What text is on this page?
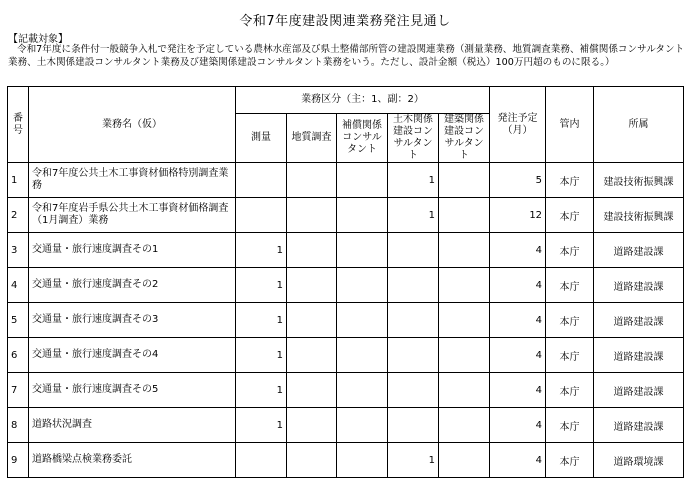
令和7年度建設関連業務発注見通し
【記載対象】
令和7年度に条件付一般競争入札で発注を予定している農林水産部及び県土整備部所管の建設関連業務（測量業務、地質調査業務、補償関係コンサルタント業務、土木関係建設コンサルタント業務及び建築関係建設コンサルタント業務をいう。ただし、設計金額（税込）100万円超のものに限る。）
番号	業務名（仮）	業務区分（主：1、副：2）					発注予定（月）	管内	所属
		測量	地質調査	補償関係コンサルタント	土木関係建設コンサルタント	建築関係建設コンサルタント			
1	令和7年度公共土木工事資材価格特別調査業務				1		5	本庁	建設技術振興課
2	令和7年度岩手県公共土木工事資材価格調査（1月調査）業務				1		12	本庁	建設技術振興課
3	交通量・旅行速度調査その1	1					4	本庁	道路建設課
4	交通量・旅行速度調査その2	1					4	本庁	道路建設課
5	交通量・旅行速度調査その3	1					4	本庁	道路建設課
6	交通量・旅行速度調査その4	1					4	本庁	道路建設課
7	交通量・旅行速度調査その5	1					4	本庁	道路建設課
8	道路状況調査	1					4	本庁	道路建設課
9	道路橋梁点検業務委託				1		4	本庁	道路環境課
